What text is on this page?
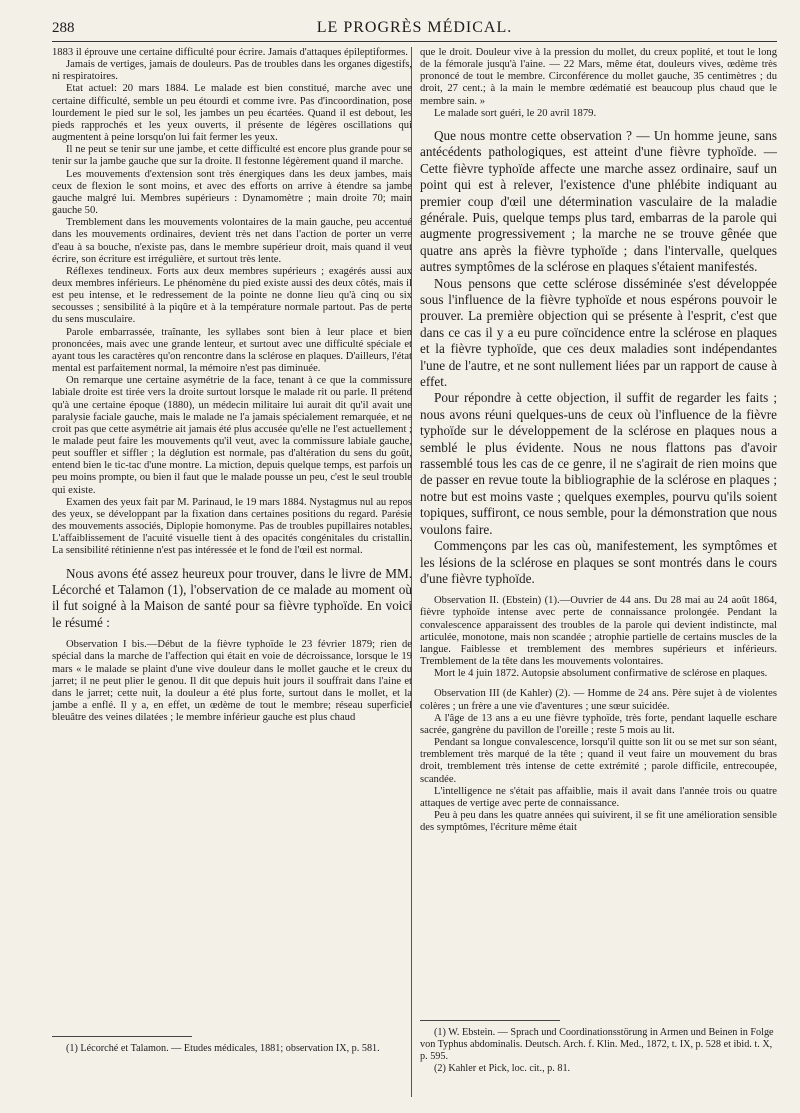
288	LE PROGRÈS MÉDICAL.

1883 il éprouve une certaine difficulté pour écrire. Jamais d'attaques épileptiformes.

Jamais de vertiges, jamais de douleurs. Pas de troubles dans les organes digestifs, ni respiratoires.

Etat actuel: 20 mars 1884. Le malade est bien constitué, marche avec une certaine difficulté, semble un peu étourdi et comme ivre. Pas d'incoordination, pose lourdement le pied sur le sol, les jambes un peu écartées. Quand il est debout, les pieds rapprochés et les yeux ouverts, il présente de légères oscillations qui augmentent à peine lorsqu'on lui fait fermer les yeux.

Il ne peut se tenir sur une jambe, et cette difficulté est encore plus grande pour se tenir sur la jambe gauche que sur la droite. Il festonne légèrement quand il marche.

Les mouvements d'extension sont très énergiques dans les deux jambes, mais ceux de flexion le sont moins, et avec des efforts on arrive à étendre sa jambe gauche malgré lui. Membres supérieurs : Dynamomètre ; main droite 70; main gauche 50.

Tremblement dans les mouvements volontaires de la main gauche, peu accentué dans les mouvements ordinaires, devient très net dans l'action de porter un verre d'eau à sa bouche, n'existe pas, dans le membre supérieur droit, mais quand il veut écrire, son écriture est irrégulière, et surtout très lente.

Réflexes tendineux. Forts aux deux membres supérieurs ; exagérés aussi aux deux membres inférieurs. Le phénomène du pied existe aussi des deux côtés, mais il est peu intense, et le redressement de la pointe ne donne lieu qu'à cinq ou six secousses ; sensibilité à la piqûre et à la température normale partout. Pas de perte du sens musculaire.

Parole embarrassée, traînante, les syllabes sont bien à leur place et bien prononcées, mais avec une grande lenteur, et surtout avec une difficulté spéciale et ayant tous les caractères qu'on rencontre dans la sclérose en plaques. D'ailleurs, l'état mental est parfaitement normal, la mémoire n'est pas diminuée.

On remarque une certaine asymétrie de la face, tenant à ce que la commissure labiale droite est tirée vers la droite surtout lorsque le malade rit ou parle. Il prétend qu'à une certaine époque (1880), un médecin militaire lui aurait dit qu'il avait une paralysie faciale gauche, mais le malade ne l'a jamais spécialement remarquée, et ne croit pas que cette asymétrie ait jamais été plus accusée qu'elle ne l'est actuellement ; le malade peut faire les mouvements qu'il veut, avec la commissure labiale gauche, peut souffler et siffler ; la déglution est normale, pas d'altération du sens du goût, entend bien le tic-tac d'une montre. La miction, depuis quelque temps, est parfois un peu moins prompte, ou bien il faut que le malade pousse un peu, c'est le seul trouble qui existe.

Examen des yeux fait par M. Parinaud, le 19 mars 1884. Nystagmus nul au repos des yeux, se développant par la fixation dans certaines positions du regard. Parésie des mouvements associés, Diplopie homonyme. Pas de troubles pupillaires notables. L'affaiblissement de l'acuité visuelle tient à des opacités congénitales du cristallin. La sensibilité rétinienne n'est pas intéressée et le fond de l'œil est normal.

Nous avons été assez heureux pour trouver, dans le livre de MM. Lécorché et Talamon (1), l'observation de ce malade au moment où il fut soigné à la Maison de santé pour sa fièvre typhoïde. En voici le résumé :

Observation I bis.—Début de la fièvre typhoïde le 23 février 1879; rien de spécial dans la marche de l'affection qui était en voie de décroissance, lorsque le 19 mars « le malade se plaint d'une vive douleur dans le mollet gauche et le creux du jarret; il ne peut plier le genou. Il dit que depuis huit jours il souffrait dans l'aine et dans le jarret; cette nuit, la douleur a été plus forte, surtout dans le mollet, et la jambe a enflé. Il y a, en effet, un œdème de tout le membre; réseau superficiel bleuâtre des veines dilatées ; le membre inférieur gauche est plus chaud

(1) Lécorché et Talamon. — Etudes médicales, 1881; observation IX, p. 581.

que le droit. Douleur vive à la pression du mollet, du creux poplité, et tout le long de la fémorale jusqu'à l'aine. — 22 Mars, même état, douleurs vives, œdème très prononcé de tout le membre. Circonférence du mollet gauche, 35 centimètres ; du droit, 27 cent.; à la main le membre œdématié est beaucoup plus chaud que le membre sain. »

Le malade sort guéri, le 20 avril 1879.

Que nous montre cette observation ? — Un homme jeune, sans antécédents pathologiques, est atteint d'une fièvre typhoïde. — Cette fièvre typhoïde affecte une marche assez ordinaire, sauf un point qui est à relever, l'existence d'une phlébite indiquant au premier coup d'œil une détermination vasculaire de la maladie générale. Puis, quelque temps plus tard, embarras de la parole qui augmente progressivement ; la marche ne se trouve gênée que quatre ans après la fièvre typhoïde ; dans l'intervalle, quelques autres symptômes de la sclérose en plaques s'étaient manifestés.

Nous pensons que cette sclérose disséminée s'est développée sous l'influence de la fièvre typhoïde et nous espérons pouvoir le prouver. La première objection qui se présente à l'esprit, c'est que dans ce cas il y a eu pure coïncidence entre la sclérose en plaques et la fièvre typhoïde, que ces deux maladies sont indépendantes l'une de l'autre, et ne sont nullement liées par un rapport de cause à effet.

Pour répondre à cette objection, il suffit de regarder les faits ; nous avons réuni quelques-uns de ceux où l'influence de la fièvre typhoïde sur le développement de la sclérose en plaques nous a semblé le plus évidente. Nous ne nous flattons pas d'avoir rassemblé tous les cas de ce genre, il ne s'agirait de rien moins que de passer en revue toute la bibliographie de la sclérose en plaques ; notre but est moins vaste ; quelques exemples, pourvu qu'ils soient topiques, suffiront, ce nous semble, pour la démonstration que nous voulons faire.

Commençons par les cas où, manifestement, les symptômes et les lésions de la sclérose en plaques se sont montrés dans le cours d'une fièvre typhoïde.

Observation II. (Ebstein) (1).—Ouvrier de 44 ans. Du 28 mai au 24 août 1864, fièvre typhoïde intense avec perte de connaissance prolongée. Pendant la convalescence apparaissent des troubles de la parole qui devient indistincte, mal articulée, monotone, mais non scandée ; atrophie partielle de certains muscles de la langue. Faiblesse et tremblement des membres supérieurs et inférieurs. Tremblement de la tête dans les mouvements volontaires.

Mort le 4 juin 1872. Autopsie absolument confirmative de sclérose en plaques.

Observation III (de Kahler) (2). — Homme de 24 ans. Père sujet à de violentes colères ; un frère a une vie d'aventures ; une sœur suicidée.

A l'âge de 13 ans a eu une fièvre typhoïde, très forte, pendant laquelle eschare sacrée, gangrène du pavillon de l'oreille ; reste 5 mois au lit.

Pendant sa longue convalescence, lorsqu'il quitte son lit ou se met sur son séant, tremblement très marqué de la tête ; quand il veut faire un mouvement du bras droit, tremblement très intense de cette extrémité ; parole difficile, entrecoupée, scandée.

L'intelligence ne s'était pas affaiblie, mais il avait dans l'année trois ou quatre attaques de vertige avec perte de connaissance.

Peu à peu dans les quatre années qui suivirent, il se fit une amélioration sensible des symptômes, l'écriture même était

(1) W. Ebstein. — Sprach und Coordinationsstörung in Armen und Beinen in Folge von Typhus abdominalis. Deutsch. Arch. f. Klin. Med., 1872, t. IX, p. 528 et ibid. t. X, p. 595.

(2) Kahler et Pick, loc. cit., p. 81.
